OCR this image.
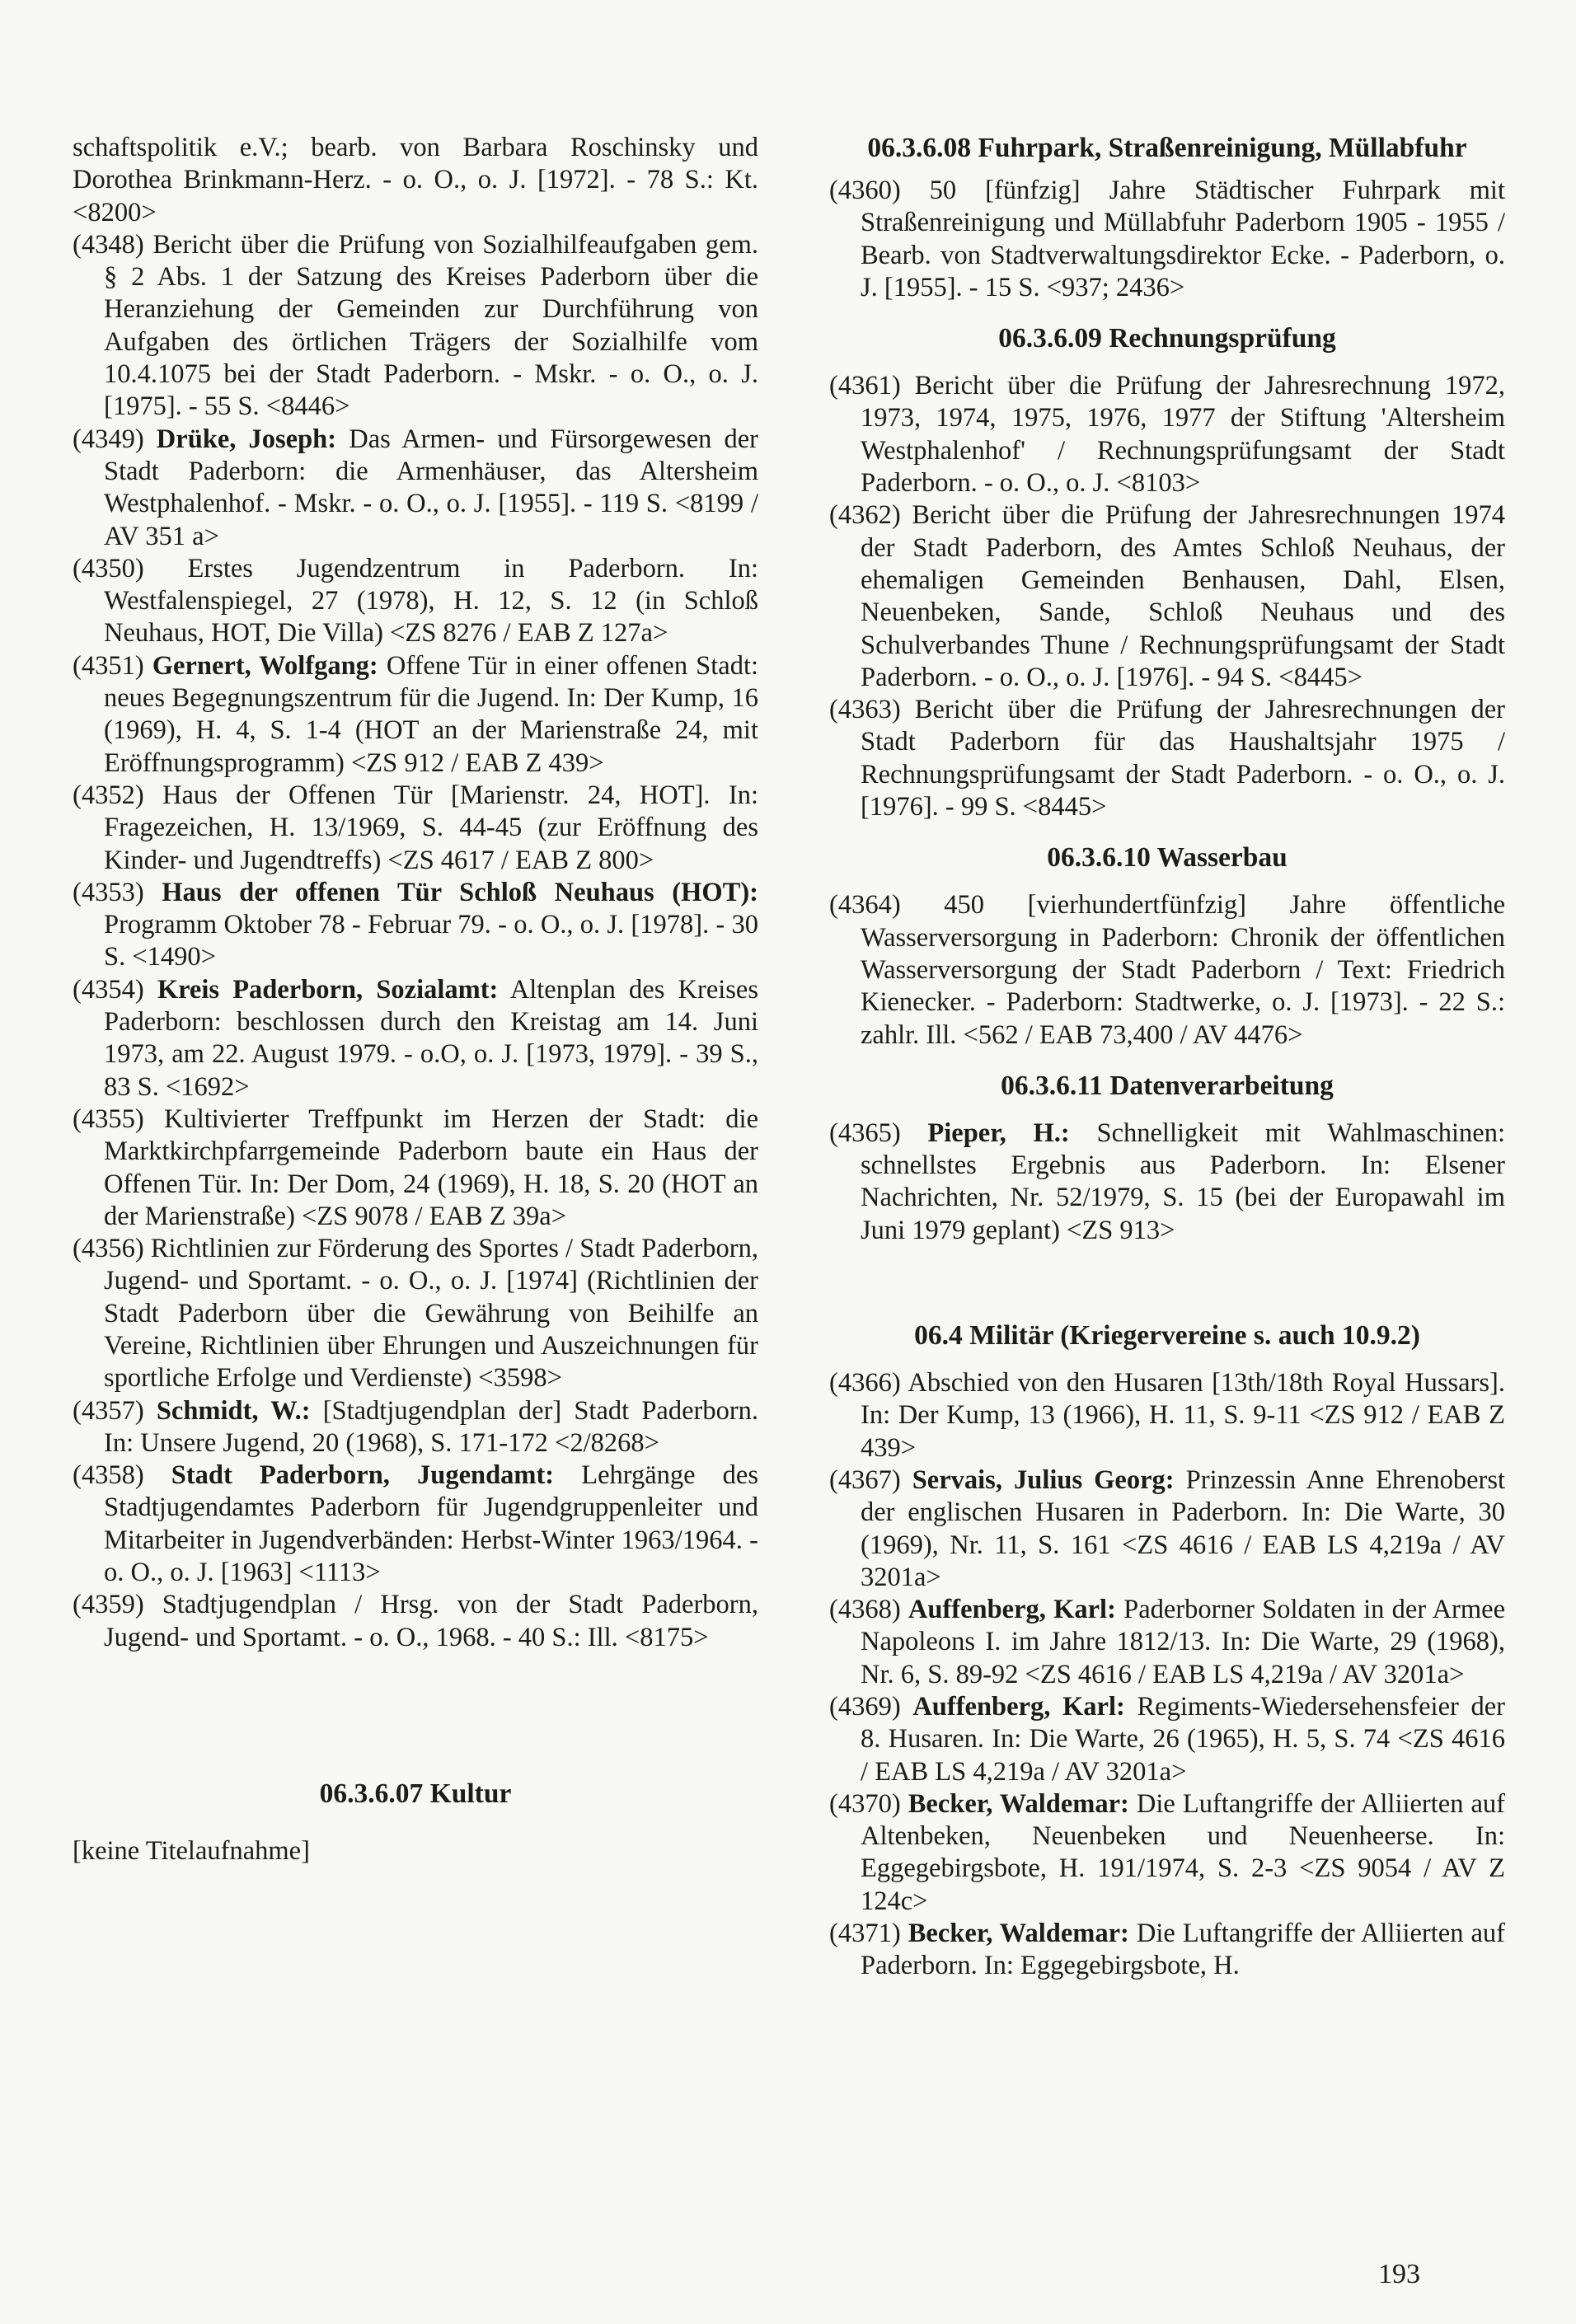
schaftspolitik e.V.; bearb. von Barbara Roschinsky und Dorothea Brinkmann-Herz. - o. O., o. J. [1972]. - 78 S.: Kt. <8200>

(4348) Bericht über die Prüfung von Sozialhilfeaufgaben gem. § 2 Abs. 1 der Satzung des Kreises Paderborn über die Heranziehung der Gemeinden zur Durchführung von Aufgaben des örtlichen Trägers der Sozialhilfe vom 10.4.1075 bei der Stadt Paderborn. - Mskr. - o. O., o. J. [1975]. - 55 S. <8446>

(4349) Drüke, Joseph: Das Armen- und Fürsorgewesen der Stadt Paderborn: die Armenhäuser, das Altersheim Westphalenhof. - Mskr. - o. O., o. J. [1955]. - 119 S. <8199 / AV 351 a>

(4350) Erstes Jugendzentrum in Paderborn. In: Westfalenspiegel, 27 (1978), H. 12, S. 12 (in Schloß Neuhaus, HOT, Die Villa) <ZS 8276 / EAB Z 127a>

(4351) Gernert, Wolfgang: Offene Tür in einer offenen Stadt: neues Begegnungszentrum für die Jugend. In: Der Kump, 16 (1969), H. 4, S. 1-4 (HOT an der Marienstraße 24, mit Eröffnungsprogramm) <ZS 912 / EAB Z 439>

(4352) Haus der Offenen Tür [Marienstr. 24, HOT]. In: Fragezeichen, H. 13/1969, S. 44-45 (zur Eröffnung des Kinder- und Jugendtreffs) <ZS 4617 / EAB Z 800>

(4353) Haus der offenen Tür Schloß Neuhaus (HOT): Programm Oktober 78 - Februar 79. - o. O., o. J. [1978]. - 30 S. <1490>

(4354) Kreis Paderborn, Sozialamt: Altenplan des Kreises Paderborn: beschlossen durch den Kreistag am 14. Juni 1973, am 22. August 1979. - o.O, o. J. [1973, 1979]. - 39 S., 83 S. <1692>

(4355) Kultivierter Treffpunkt im Herzen der Stadt: die Marktkirchpfarrgemeinde Paderborn baute ein Haus der Offenen Tür. In: Der Dom, 24 (1969), H. 18, S. 20 (HOT an der Marienstraße) <ZS 9078 / EAB Z 39a>

(4356) Richtlinien zur Förderung des Sportes / Stadt Paderborn, Jugend- und Sportamt. - o. O., o. J. [1974] (Richtlinien der Stadt Paderborn über die Gewährung von Beihilfe an Vereine, Richtlinien über Ehrungen und Auszeichnungen für sportliche Erfolge und Verdienste) <3598>

(4357) Schmidt, W.: [Stadtjugendplan der] Stadt Paderborn. In: Unsere Jugend, 20 (1968), S. 171-172 <2/8268>

(4358) Stadt Paderborn, Jugendamt: Lehrgänge des Stadtjugendamtes Paderborn für Jugendgruppenleiter und Mitarbeiter in Jugendverbänden: Herbst-Winter 1963/1964. - o. O., o. J. [1963] <1113>

(4359) Stadtjugendplan / Hrsg. von der Stadt Paderborn, Jugend- und Sportamt. - o. O., 1968. - 40 S.: Ill. <8175>

06.3.6.07 Kultur

[keine Titelaufnahme]

06.3.6.08 Fuhrpark, Straßenreinigung, Müllabfuhr

(4360) 50 [fünfzig] Jahre Städtischer Fuhrpark mit Straßenreinigung und Müllabfuhr Paderborn 1905 - 1955 / Bearb. von Stadtverwaltungsdirektor Ecke. - Paderborn, o. J. [1955]. - 15 S. <937; 2436>

06.3.6.09 Rechnungsprüfung

(4361) Bericht über die Prüfung der Jahresrechnung 1972, 1973, 1974, 1975, 1976, 1977 der Stiftung 'Altersheim Westphalenhof' / Rechnungsprüfungsamt der Stadt Paderborn. - o. O., o. J. <8103>

(4362) Bericht über die Prüfung der Jahresrechnungen 1974 der Stadt Paderborn, des Amtes Schloß Neuhaus, der ehemaligen Gemeinden Benhausen, Dahl, Elsen, Neuenbeken, Sande, Schloß Neuhaus und des Schulverbandes Thune / Rechnungsprüfungsamt der Stadt Paderborn. - o. O., o. J. [1976]. - 94 S. <8445>

(4363) Bericht über die Prüfung der Jahresrechnungen der Stadt Paderborn für das Haushaltsjahr 1975 / Rechnungsprüfungsamt der Stadt Paderborn. - o. O., o. J. [1976]. - 99 S. <8445>

06.3.6.10 Wasserbau

(4364) 450 [vierhundertfünfzig] Jahre öffentliche Wasserversorgung in Paderborn: Chronik der öffentlichen Wasserversorgung der Stadt Paderborn / Text: Friedrich Kienecker. - Paderborn: Stadtwerke, o. J. [1973]. - 22 S.: zahlr. Ill. <562 / EAB 73,400 / AV 4476>

06.3.6.11 Datenverarbeitung

(4365) Pieper, H.: Schnelligkeit mit Wahlmaschinen: schnellstes Ergebnis aus Paderborn. In: Elsener Nachrichten, Nr. 52/1979, S. 15 (bei der Europawahl im Juni 1979 geplant) <ZS 913>

06.4 Militär (Kriegervereine s. auch 10.9.2)

(4366) Abschied von den Husaren [13th/18th Royal Hussars]. In: Der Kump, 13 (1966), H. 11, S. 9-11 <ZS 912 / EAB Z 439>

(4367) Servais, Julius Georg: Prinzessin Anne Ehrenoberst der englischen Husaren in Paderborn. In: Die Warte, 30 (1969), Nr. 11, S. 161 <ZS 4616 / EAB LS 4,219a / AV 3201a>

(4368) Auffenberg, Karl: Paderborner Soldaten in der Armee Napoleons I. im Jahre 1812/13. In: Die Warte, 29 (1968), Nr. 6, S. 89-92 <ZS 4616 / EAB LS 4,219a / AV 3201a>

(4369) Auffenberg, Karl: Regiments-Wiedersehensfeier der 8. Husaren. In: Die Warte, 26 (1965), H. 5, S. 74 <ZS 4616 / EAB LS 4,219a / AV 3201a>

(4370) Becker, Waldemar: Die Luftangriffe der Alliierten auf Altenbeken, Neuenbeken und Neuenheerse. In: Eggegebirgsbote, H. 191/1974, S. 2-3 <ZS 9054 / AV Z 124c>

(4371) Becker, Waldemar: Die Luftangriffe der Alliierten auf Paderborn. In: Eggegebirgsbote, H.

193
